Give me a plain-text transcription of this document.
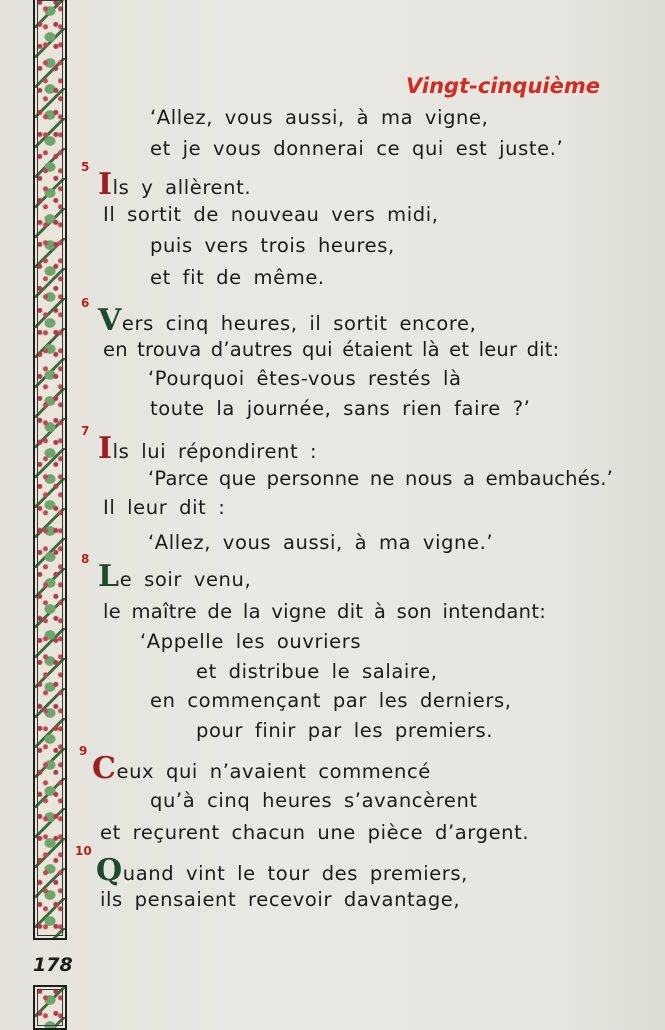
178
Vingt-cinquième
‘Allez, vous aussi, à ma vigne,
et je vous donnerai ce qui est juste.’
5 Ils y allèrent.
Il sortit de nouveau vers midi,
puis vers trois heures,
et fit de même.
6 Vers cinq heures, il sortit encore,
en trouva d’autres qui étaient là et leur dit:
‘Pourquoi êtes-vous restés là
toute la journée, sans rien faire ?’
7 Ils lui répondirent :
‘Parce que personne ne nous a embauchés.’
Il leur dit :
‘Allez, vous aussi, à ma vigne.’
8 Le soir venu,
le maître de la vigne dit à son intendant:
‘Appelle les ouvriers
et distribue le salaire,
en commençant par les derniers,
pour finir par les premiers.
9 Ceux qui n’avaient commencé
qu’à cinq heures s’avancèrent
et reçurent chacun une pièce d’argent.
10
Quand vint le tour des premiers,
ils pensaient recevoir davantage,
